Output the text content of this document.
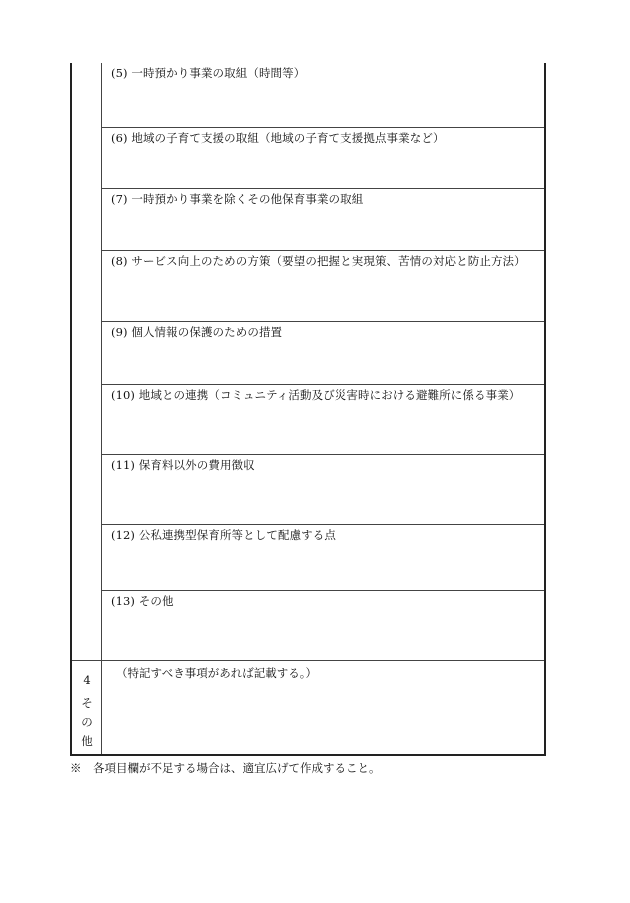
(5) 一時預かり事業の取組（時間等）
(6) 地域の子育て支援の取組（地域の子育て支援拠点事業など）
(7) 一時預かり事業を除くその他保育事業の取組
(8) サービス向上のための方策（要望の把握と実現策、苦情の対応と防止方法）
(9) 個人情報の保護のための措置
(10) 地域との連携（コミュニティ活動及び災害時における避難所に係る事業）
(11) 保育料以外の費用徴収
(12) 公私連携型保育所等として配慮する点
(13) その他
4
そ
の
他
（特記すべき事項があれば記載する。）
※　各項目欄が不足する場合は、適宜広げて作成すること。
